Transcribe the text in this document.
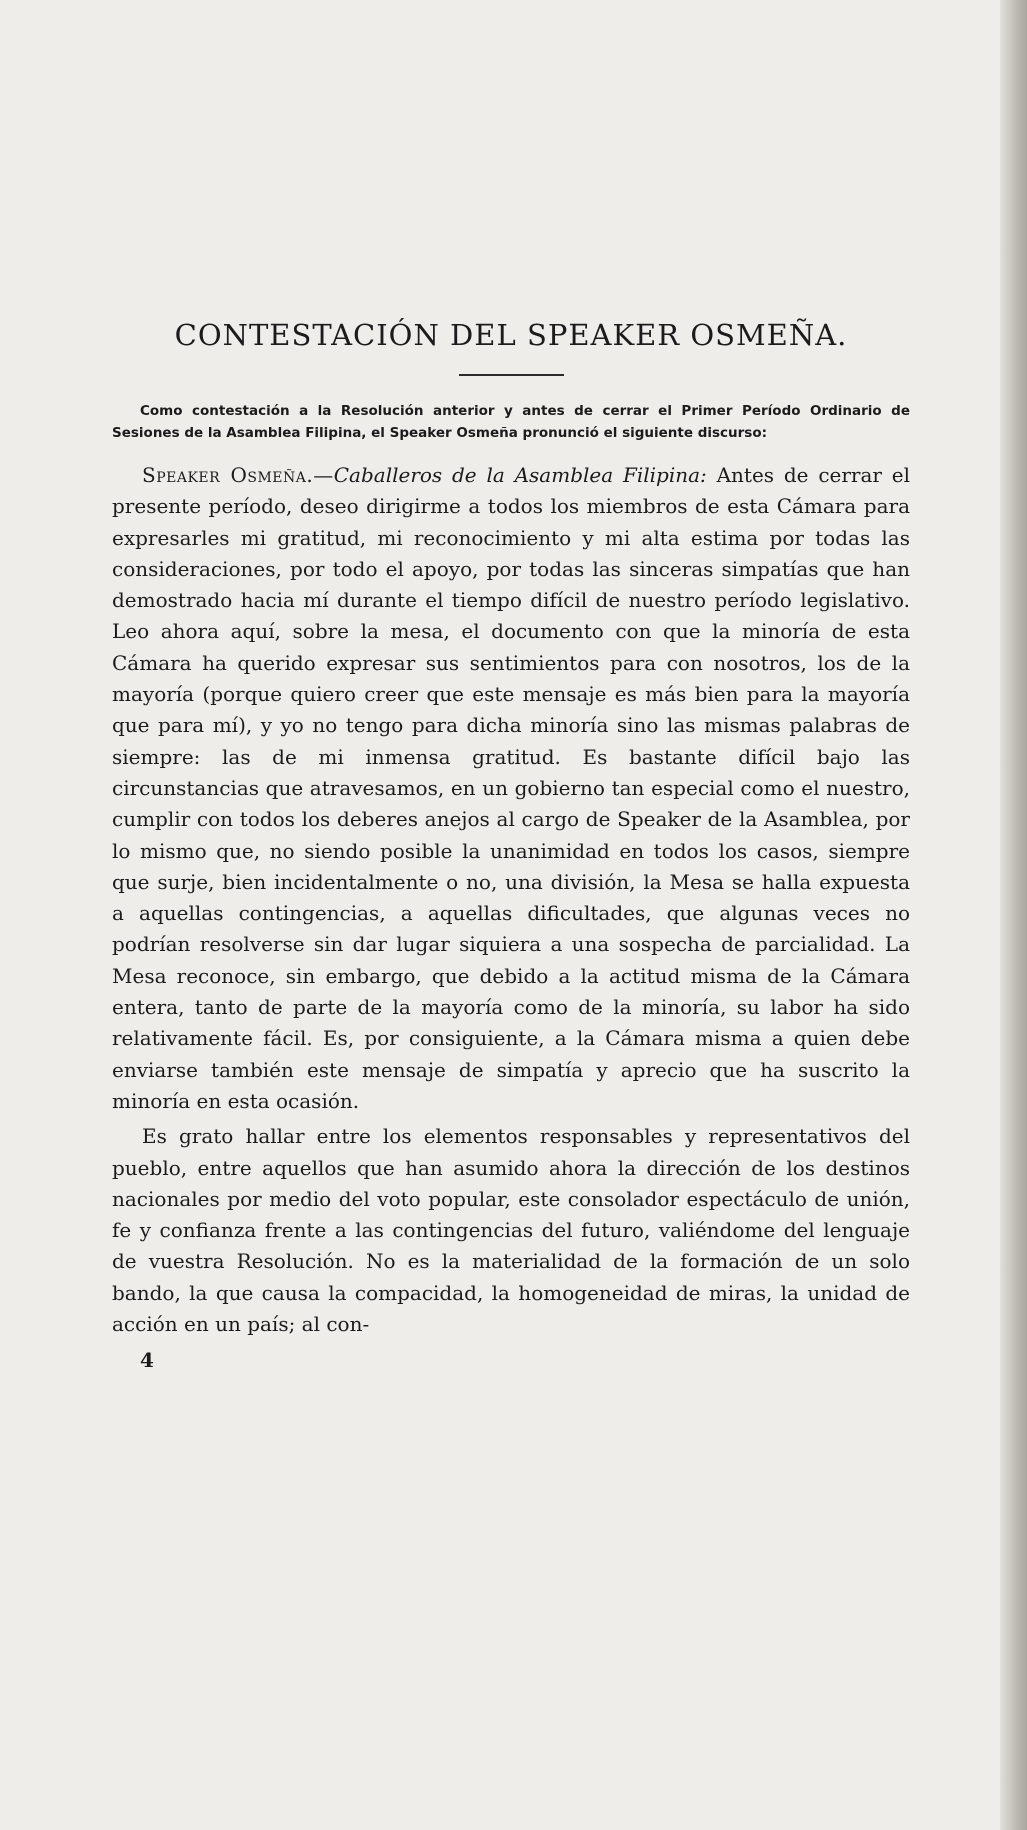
CONTESTACIÓN DEL SPEAKER OSMEÑA.

Como contestación a la Resolución anterior y antes de cerrar el Primer Período Ordinario de Sesiones de la Asamblea Filipina, el Speaker Osmeña pronunció el siguiente discurso:

Speaker Osmeña.—Caballeros de la Asamblea Filipina: Antes de cerrar el presente período, deseo dirigirme a todos los miembros de esta Cámara para expresarles mi gratitud, mi reconocimiento y mi alta estima por todas las consideraciones, por todo el apoyo, por todas las sinceras simpatías que han demostrado hacia mí durante el tiempo difícil de nuestro período legislativo. Leo ahora aquí, sobre la mesa, el documento con que la minoría de esta Cámara ha querido expresar sus sentimientos para con nosotros, los de la mayoría (porque quiero creer que este mensaje es más bien para la mayoría que para mí), y yo no tengo para dicha minoría sino las mismas palabras de siempre: las de mi inmensa gratitud. Es bastante difícil bajo las circunstancias que atravesamos, en un gobierno tan especial como el nuestro, cumplir con todos los deberes anejos al cargo de Speaker de la Asamblea, por lo mismo que, no siendo posible la unanimidad en todos los casos, siempre que surje, bien incidentalmente o no, una división, la Mesa se halla expuesta a aquellas contingencias, a aquellas dificultades, que algunas veces no podrían resolverse sin dar lugar siquiera a una sospecha de parcialidad. La Mesa reconoce, sin embargo, que debido a la actitud misma de la Cámara entera, tanto de parte de la mayoría como de la minoría, su labor ha sido relativamente fácil. Es, por consiguiente, a la Cámara misma a quien debe enviarse también este mensaje de simpatía y aprecio que ha suscrito la minoría en esta ocasión.

Es grato hallar entre los elementos responsables y representativos del pueblo, entre aquellos que han asumido ahora la dirección de los destinos nacionales por medio del voto popular, este consolador espectáculo de unión, fe y confianza frente a las contingencias del futuro, valiéndome del lenguaje de vuestra Resolución. No es la materialidad de la formación de un solo bando, la que causa la compacidad, la homogeneidad de miras, la unidad de acción en un país; al con-

4
